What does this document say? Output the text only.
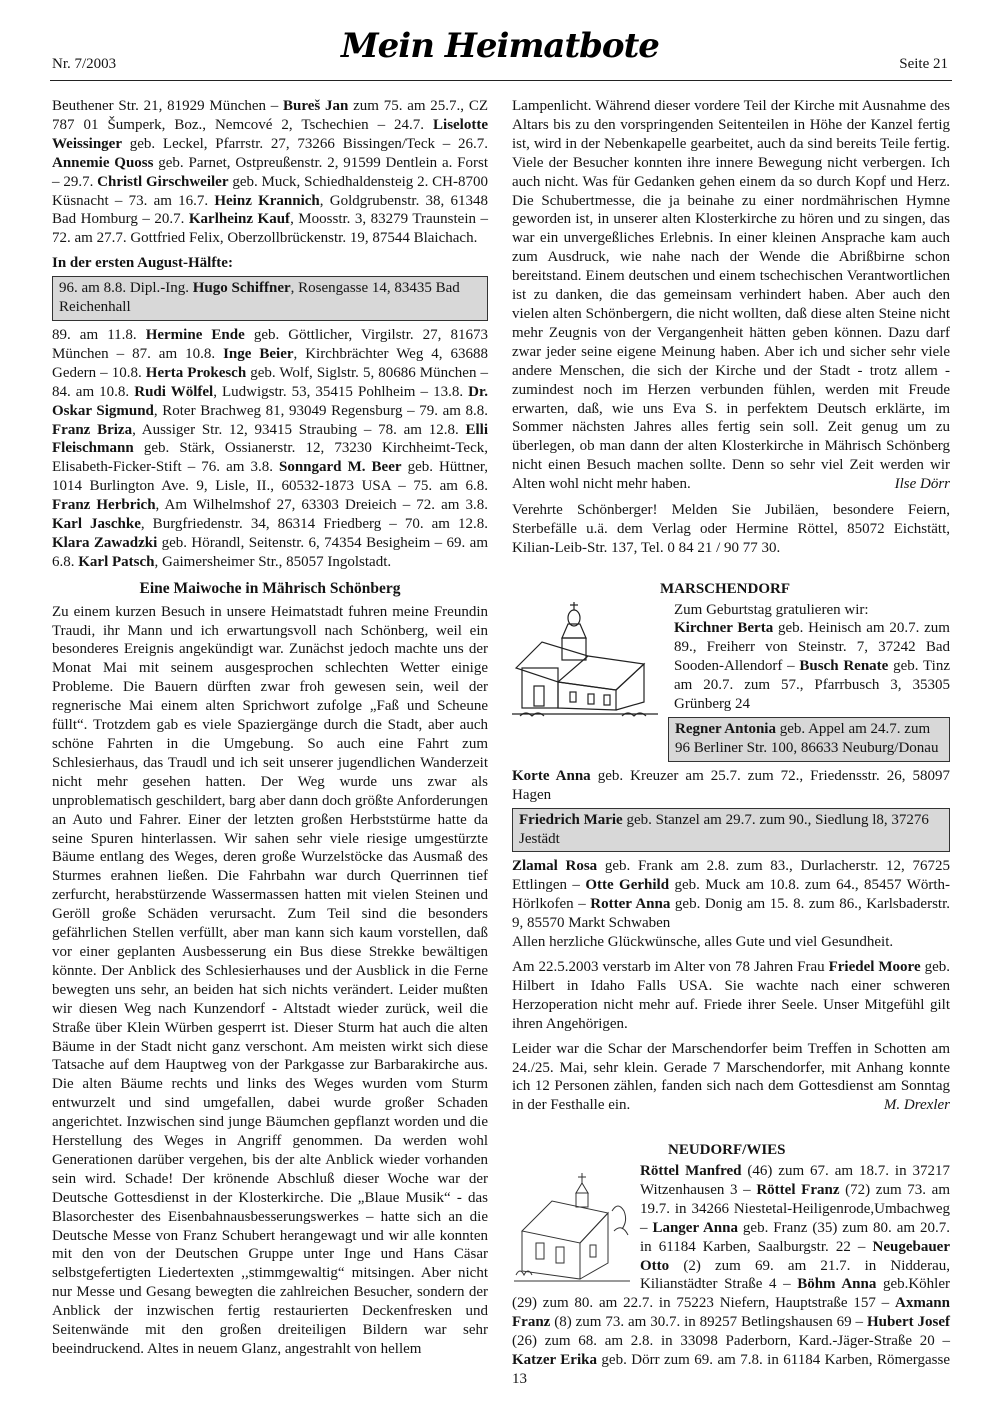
Nr. 7/2003	Mein Heimatbote	Seite 21

Beuthener Str. 21, 81929 München – Bureš Jan zum 75. am 25.7., CZ 787 01 Šumperk, Boz., Nemcové 2, Tschechien – 24.7. Liselotte Weissinger geb. Leckel, Pfarrstr. 27, 73266 Bissingen/Teck – 26.7. Annemie Quoss geb. Parnet, Ostpreußenstr. 2, 91599 Dentlein a. Forst – 29.7. Christl Girschweiler geb. Muck, Schiedhaldensteig 2. CH-8700 Küsnacht – 73. am 16.7. Heinz Krannich, Goldgrubenstr. 38, 61348 Bad Homburg – 20.7. Karlheinz Kauf, Moosstr. 3, 83279 Traunstein – 72. am 27.7. Gottfried Felix, Oberzollbrückenstr. 19, 87544 Blaichach.

In der ersten August-Hälfte:
96. am 8.8. Dipl.-Ing. Hugo Schiffner, Rosengasse 14, 83435 Bad Reichenhall

89. am 11.8. Hermine Ende geb. Göttlicher, Virgilstr. 27, 81673 München – 87. am 10.8. Inge Beier, Kirchbrächter Weg 4, 63688 Gedern – 10.8. Herta Prokesch geb. Wolf, Siglstr. 5, 80686 München – 84. am 10.8. Rudi Wölfel, Ludwigstr. 53, 35415 Pohlheim – 13.8. Dr. Oskar Sigmund, Roter Brachweg 81, 93049 Regensburg – 79. am 8.8. Franz Briza, Aussiger Str. 12, 93415 Straubing – 78. am 12.8. Elli Fleischmann geb. Stärk, Ossianerstr. 12, 73230 Kirchheimt-Teck, Elisabeth-Ficker-Stift – 76. am 3.8. Sonngard M. Beer geb. Hüttner, 1014 Burlington Ave. 9, Lisle, II., 60532-1873 USA – 75. am 6.8. Franz Herbrich, Am Wilhelmshof 27, 63303 Dreieich – 72. am 3.8. Karl Jaschke, Burgfriedenstr. 34, 86314 Friedberg – 70. am 12.8. Klara Zawadzki geb. Hörandl, Seitenstr. 6, 74354 Besigheim – 69. am 6.8. Karl Patsch, Gaimersheimer Str., 85057 Ingolstadt.

Eine Maiwoche in Mährisch Schönberg

Zu einem kurzen Besuch in unsere Heimatstadt fuhren meine Freundin Traudi, ihr Mann und ich erwartungsvoll nach Schönberg, weil ein besonderes Ereignis angekündigt war. Zunächst jedoch machte uns der Monat Mai mit seinem ausgesprochen schlechten Wetter einige Probleme. Die Bauern dürften zwar froh gewesen sein, weil der regnerische Mai einem alten Sprichwort zufolge „Faß und Scheune füllt“. Trotzdem gab es viele Spaziergänge durch die Stadt, aber auch schöne Fahrten in die Umgebung. So auch eine Fahrt zum Schlesierhaus, das Traudl und ich seit unserer jugendlichen Wanderzeit nicht mehr gesehen hatten. Der Weg wurde uns zwar als unproblematisch geschildert, barg aber dann doch größte Anforderungen an Auto und Fahrer. Einer der letzten großen Herbststürme hatte da seine Spuren hinterlassen. Wir sahen sehr viele riesige umgestürzte Bäume entlang des Weges, deren große Wurzelstöcke das Ausmaß des Sturmes erahnen ließen. Die Fahrbahn war durch Querrinnen tief zerfurcht, herabstürzende Wassermassen hatten mit vielen Steinen und Geröll große Schäden verursacht. Zum Teil sind die besonders gefährlichen Stellen verfüllt, aber man kann sich kaum vorstellen, daß vor einer geplanten Ausbesserung ein Bus diese Strekke bewältigen könnte. Der Anblick des Schlesierhauses und der Ausblick in die Ferne bewegten uns sehr, an beiden hat sich nichts verändert. Leider mußten wir diesen Weg nach Kunzendorf - Altstadt wieder zurück, weil die Straße über Klein Würben gesperrt ist. Dieser Sturm hat auch die alten Bäume in der Stadt nicht ganz verschont. Am meisten wirkt sich diese Tatsache auf dem Hauptweg von der Parkgasse zur Barbarakirche aus. Die alten Bäume rechts und links des Weges wurden vom Sturm entwurzelt und sind umgefallen, dabei wurde großer Schaden angerichtet. Inzwischen sind junge Bäumchen gepflanzt worden und die Herstellung des Weges in Angriff genommen. Da werden wohl Generationen darüber vergehen, bis der alte Anblick wieder vorhanden sein wird. Schade! Der krönende Abschluß dieser Woche war der Deutsche Gottesdienst in der Klosterkirche. Die „Blaue Musik“ - das Blasorchester des Eisenbahnausbesserungswerkes – hatte sich an die Deutsche Messe von Franz Schubert herangewagt und wir alle konnten mit den von der Deutschen Gruppe unter Inge und Hans Cäsar selbstgefertigten Liedertexten ,,stimmgewaltig“ mitsingen. Aber nicht nur Messe und Gesang bewegten die zahlreichen Besucher, sondern der Anblick der inzwischen fertig restaurierten Deckenfresken und Seitenwände mit den großen dreiteiligen Bildern war sehr beeindruckend. Altes in neuem Glanz, angestrahlt von hellem

Lampenlicht. Während dieser vordere Teil der Kirche mit Ausnahme des Altars bis zu den vorspringenden Seitenteilen in Höhe der Kanzel fertig ist, wird in der Nebenkapelle gearbeitet, auch da sind bereits Teile fertig. Viele der Besucher konnten ihre innere Bewegung nicht verbergen. Ich auch nicht. Was für Gedanken gehen einem da so durch Kopf und Herz. Die Schubertmesse, die ja beinahe zu einer nordmährischen Hymne geworden ist, in unserer alten Klosterkirche zu hören und zu singen, das war ein unvergeßliches Erlebnis. In einer kleinen Ansprache kam auch zum Ausdruck, wie nahe nach der Wende die Abrißbirne schon bereitstand. Einem deutschen und einem tschechischen Verantwortlichen ist zu danken, die das gemeinsam verhindert haben. Aber auch den vielen alten Schönbergern, die nicht wollten, daß diese alten Steine nicht mehr Zeugnis von der Vergangenheit hätten geben können. Dazu darf zwar jeder seine eigene Meinung haben. Aber ich und sicher sehr viele andere Menschen, die sich der Kirche und der Stadt - trotz allem - zumindest noch im Herzen verbunden fühlen, werden mit Freude erwarten, daß, wie uns Eva S. in perfektem Deutsch erklärte, im Sommer nächsten Jahres alles fertig sein soll. Zeit genug um zu überlegen, ob man dann der alten Klosterkirche in Mährisch Schönberg nicht einen Besuch machen sollte. Denn so sehr viel Zeit werden wir Alten wohl nicht mehr haben.	Ilse Dörr

Verehrte Schönberger! Melden Sie Jubiläen, besondere Feiern, Sterbefälle u.ä. dem Verlag oder Hermine Röttel, 85072 Eichstätt, Kilian-Leib-Str. 137, Tel. 0 84 21 / 90 77 30.

MARSCHENDORF
Zum Geburtstag gratulieren wir:

Kirchner Berta geb. Heinisch am 20.7. zum 89., Freiherr von Steinstr. 7, 37242 Bad Sooden-Allendorf – Busch Renate geb. Tinz am 20.7. zum 57., Pfarrbusch 3, 35305 Grünberg 24

Regner Antonia geb. Appel am 24.7. zum 96 Berliner Str. 100, 86633 Neuburg/Donau

Korte Anna geb. Kreuzer am 25.7. zum 72., Friedensstr. 26, 58097 Hagen

Friedrich Marie geb. Stanzel am 29.7. zum 90., Siedlung l8, 37276 Jestädt

Zlamal Rosa geb. Frank am 2.8. zum 83., Durlacherstr. 12, 76725 Ettlingen – Otte Gerhild geb. Muck am 10.8. zum 64., 85457 Wörth-Hörlkofen – Rotter Anna geb. Donig am 15. 8. zum 86., Karlsbaderstr. 9, 85570 Markt Schwaben

Allen herzliche Glückwünsche, alles Gute und viel Gesundheit.

Am 22.5.2003 verstarb im Alter von 78 Jahren Frau Friedel Moore geb. Hilbert in Idaho Falls USA. Sie wachte nach einer schweren Herzoperation nicht mehr auf. Friede ihrer Seele. Unser Mitgefühl gilt ihren Angehörigen.

Leider war die Schar der Marschendorfer beim Treffen in Schotten am 24./25. Mai, sehr klein. Gerade 7 Marschendorfer, mit Anhang konnte ich 12 Personen zählen, fanden sich nach dem Gottesdienst am Sonntag in der Festhalle ein.	M. Drexler
NEUDORF/WIES

Röttel Manfred (46) zum 67. am 18.7. in 37217 Witzenhausen 3 – Röttel Franz (72) zum 73. am 19.7. in 34266 Niestetal-Heiligenrode,Umbachweg – Langer Anna geb. Franz (35) zum 80. am 20.7. in 61184 Karben, Saalburgstr. 22 – Neugebauer Otto (2) zum 69. am 21.7. in Nidderau, Kilianstädter Straße 4 – Böhm Anna geb.Köhler (29) zum 80. am 22.7. in 75223 Niefern, Hauptstraße 157 – Axmann Franz (8) zum 73. am 30.7. in 89257 Betlingshausen 69 – Hubert Josef (26) zum 68. am 2.8. in 33098 Paderborn, Kard.-Jäger-Straße 20 – Katzer Erika geb. Dörr zum 69. am 7.8. in 61184 Karben, Römergasse 13
